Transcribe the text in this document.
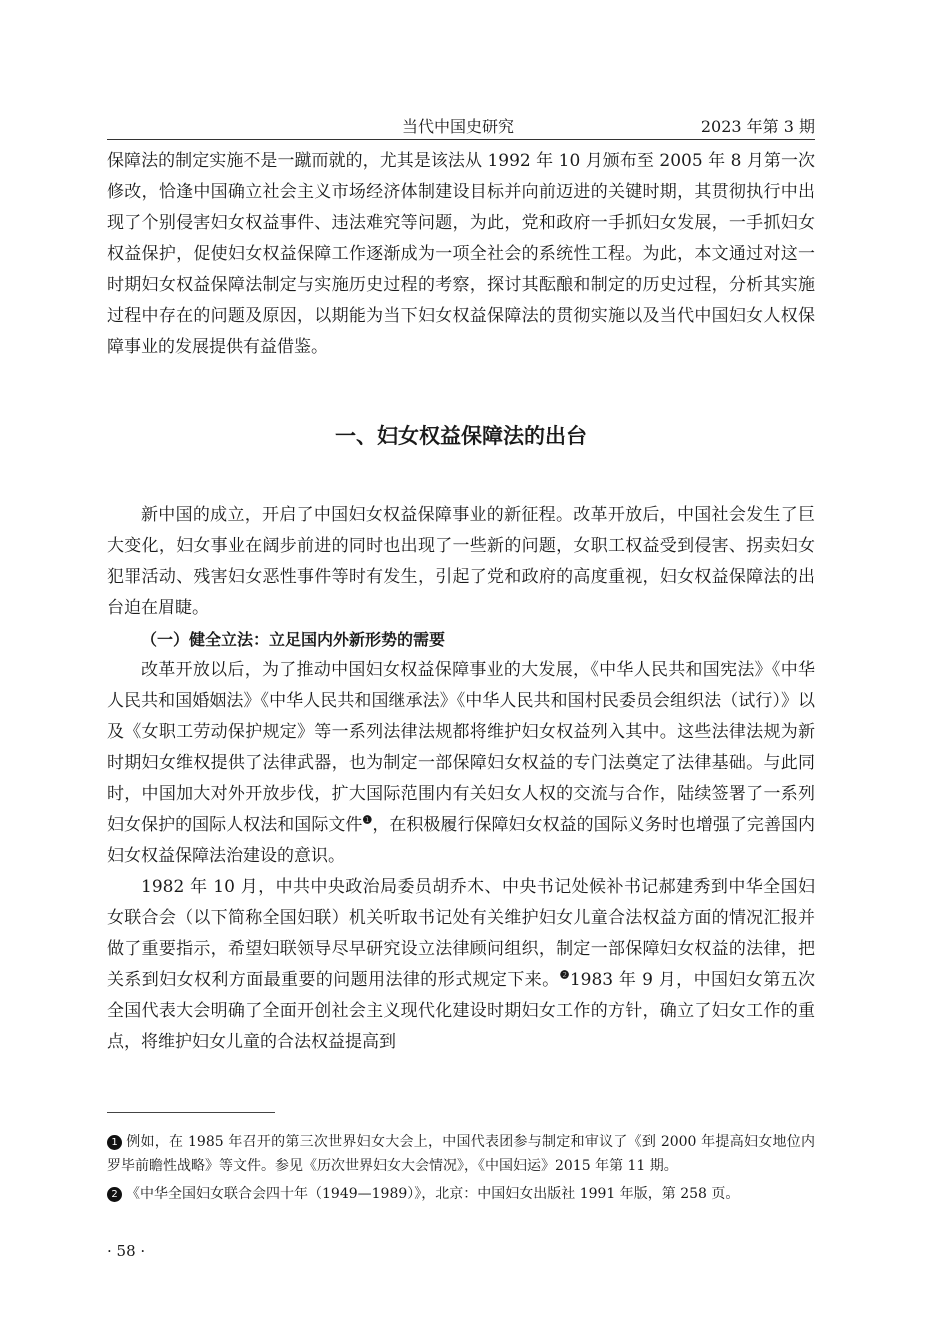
当代中国史研究	2023 年第 3 期

保障法的制定实施不是一蹴而就的，尤其是该法从 1992 年 10 月颁布至 2005 年 8 月第一次修改，恰逢中国确立社会主义市场经济体制建设目标并向前迈进的关键时期，其贯彻执行中出现了个别侵害妇女权益事件、违法难究等问题，为此，党和政府一手抓妇女发展，一手抓妇女权益保护，促使妇女权益保障工作逐渐成为一项全社会的系统性工程。为此，本文通过对这一时期妇女权益保障法制定与实施历史过程的考察，探讨其酝酿和制定的历史过程，分析其实施过程中存在的问题及原因，以期能为当下妇女权益保障法的贯彻实施以及当代中国妇女人权保障事业的发展提供有益借鉴。

一、妇女权益保障法的出台

新中国的成立，开启了中国妇女权益保障事业的新征程。改革开放后，中国社会发生了巨大变化，妇女事业在阔步前进的同时也出现了一些新的问题，女职工权益受到侵害、拐卖妇女犯罪活动、残害妇女恶性事件等时有发生，引起了党和政府的高度重视，妇女权益保障法的出台迫在眉睫。

（一）健全立法：立足国内外新形势的需要

改革开放以后，为了推动中国妇女权益保障事业的大发展，《中华人民共和国宪法》《中华人民共和国婚姻法》《中华人民共和国继承法》《中华人民共和国村民委员会组织法（试行）》以及《女职工劳动保护规定》等一系列法律法规都将维护妇女权益列入其中。这些法律法规为新时期妇女维权提供了法律武器，也为制定一部保障妇女权益的专门法奠定了法律基础。与此同时，中国加大对外开放步伐，扩大国际范围内有关妇女人权的交流与合作，陆续签署了一系列妇女保护的国际人权法和国际文件$^❶$，在积极履行保障妇女权益的国际义务时也增强了完善国内妇女权益保障法治建设的意识。

1982 年 10 月，中共中央政治局委员胡乔木、中央书记处候补书记郝建秀到中华全国妇女联合会（以下简称全国妇联）机关听取书记处有关维护妇女儿童合法权益方面的情况汇报并做了重要指示，希望妇联领导尽早研究设立法律顾问组织，制定一部保障妇女权益的法律，把关系到妇女权利方面最重要的问题用法律的形式规定下来。$^❷$1983 年 9 月，中国妇女第五次全国代表大会明确了全面开创社会主义现代化建设时期妇女工作的方针，确立了妇女工作的重点，将维护妇女儿童的合法权益提高到

1 例如，在 1985 年召开的第三次世界妇女大会上，中国代表团参与制定和审议了《到 2000 年提高妇女地位内罗毕前瞻性战略》等文件。参见《历次世界妇女大会情况》，《中国妇运》2015 年第 11 期。

2 《中华全国妇女联合会四十年（1949—1989）》，北京：中国妇女出版社 1991 年版，第 258 页。

· 58 ·
